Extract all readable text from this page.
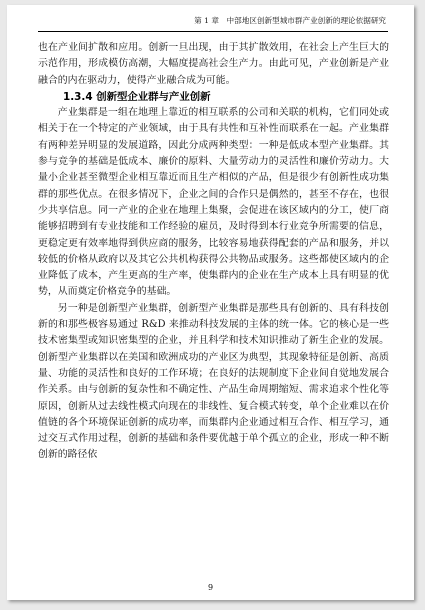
第 1 章　中部地区创新型城市群产业创新的理论依据研究

也在产业间扩散和应用。创新一旦出现，由于其扩散效用，在社会上产生巨大的示范作用，形成模仿高潮，大幅度提高社会生产力。由此可见，产业创新是产业融合的内在驱动力，使得产业融合成为可能。

1.3.4 创新型企业群与产业创新

产业集群是一组在地理上靠近的相互联系的公司和关联的机构，它们同处或相关于在一个特定的产业领域，由于具有共性和互补性而联系在一起。产业集群有两种差异明显的发展道路，因此分成两种类型：一种是低成本型产业集群。其参与竞争的基础是低成本、廉价的原料、大量劳动力的灵活性和廉价劳动力。大量小企业甚至微型企业相互靠近而且生产相似的产品，但是很少有创新性成功集群的那些优点。在很多情况下，企业之间的合作只是偶然的，甚至不存在，也很少共享信息。同一产业的企业在地理上集聚，会促进在该区域内的分工，使厂商能够招聘到有专业技能和工作经验的雇员，及时得到本行业竞争所需要的信息，更稳定更有效率地得到供应商的服务，比较容易地获得配套的产品和服务，并以较低的价格从政府以及其它公共机构获得公共物品或服务。这些都使区域内的企业降低了成本，产生更高的生产率，使集群内的企业在生产成本上具有明显的优势，从而奠定价格竞争的基础。

另一种是创新型产业集群，创新型产业集群是那些具有创新的、具有科技创新的和那些极容易通过 R&D 来推动科技发展的主体的统一体。它的核心是一些技术密集型或知识密集型的企业，并且科学和技术知识推动了新生企业的发展。创新型产业集群以在美国和欧洲成功的产业区为典型，其现象特征是创新、高质量、功能的灵活性和良好的工作环境；在良好的法规制度下企业间自觉地发展合作关系。由与创新的复杂性和不确定性、产品生命周期缩短、需求追求个性化等原因，创新从过去线性模式向现在的非线性、复合模式转变，单个企业难以在价值链的各个环境保证创新的成功率，而集群内企业通过相互合作、相互学习，通过交互式作用过程，创新的基础和条件要优越于单个孤立的企业，形成一种不断创新的路径依

9
